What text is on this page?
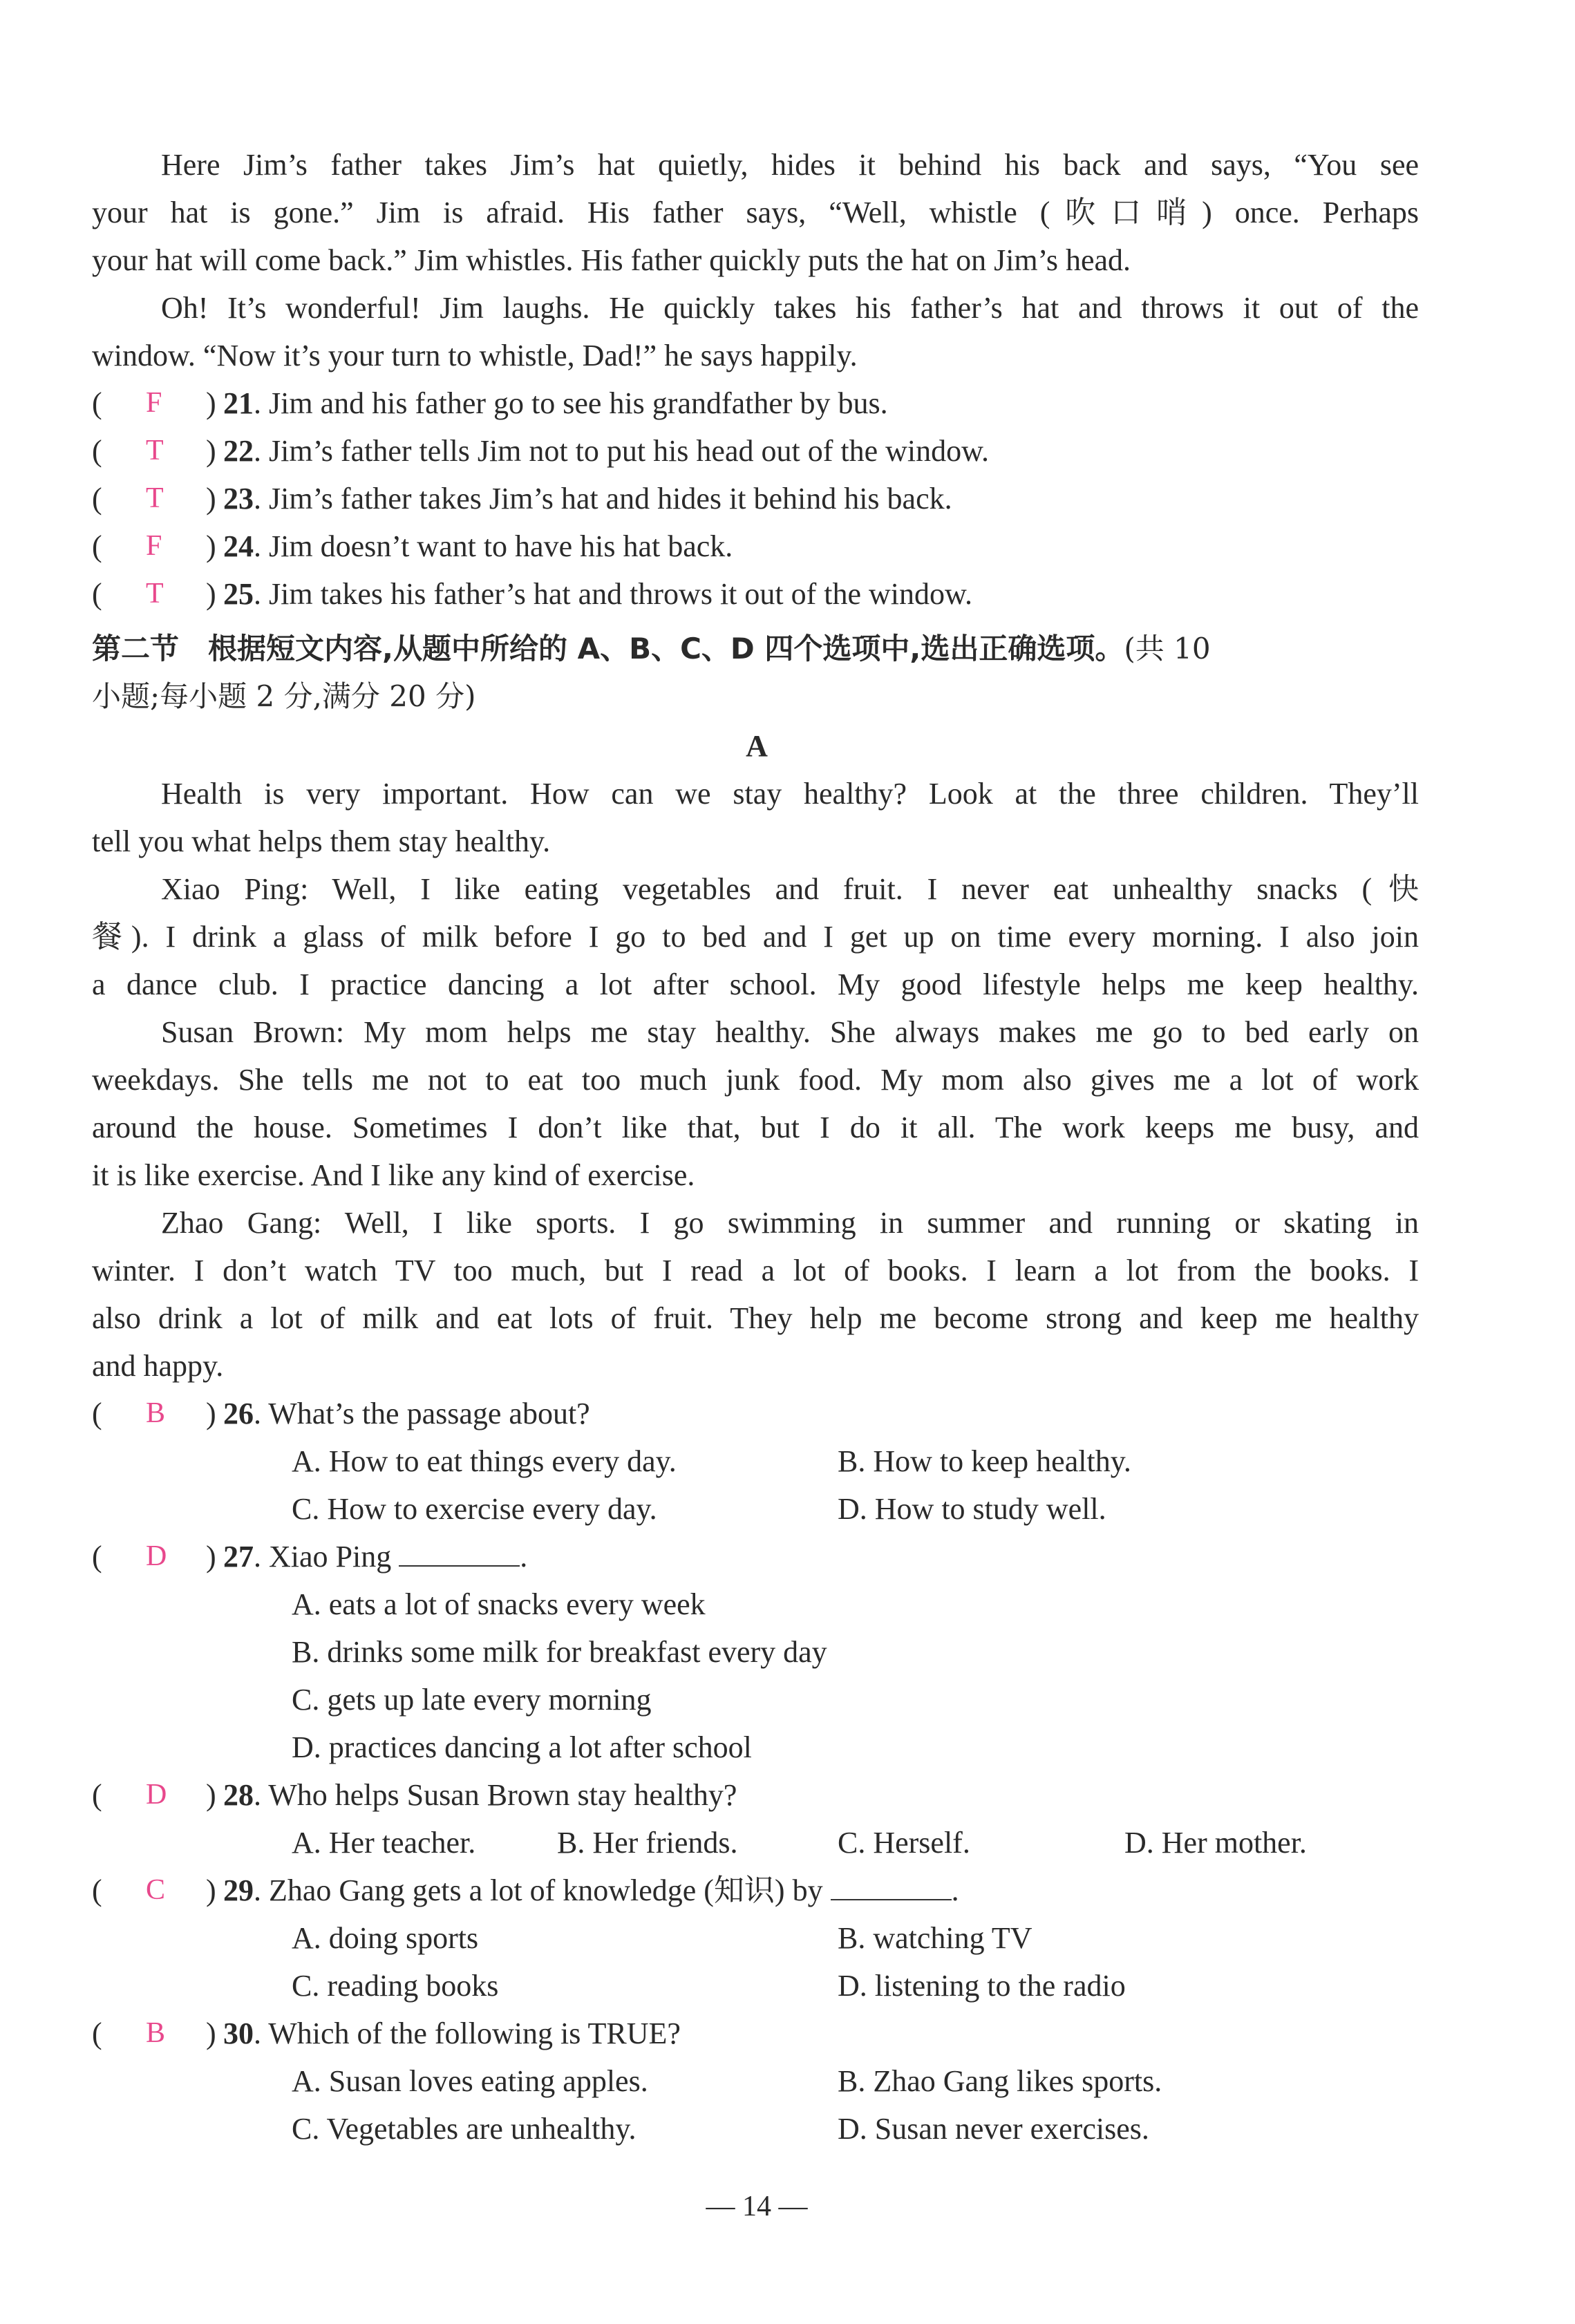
Here Jim’s father takes Jim’s hat quietly, hides it behind his back and says, “You see
your hat is gone.” Jim is afraid. His father says, “Well, whistle (吹口哨) once. Perhaps
your hat will come back.” Jim whistles. His father quickly puts the hat on Jim’s head.
Oh! It’s wonderful! Jim laughs. He quickly takes his father’s hat and throws it out of the
window. “Now it’s your turn to whistle, Dad!” he says happily.
( F ) 21. Jim and his father go to see his grandfather by bus.
( T ) 22. Jim’s father tells Jim not to put his head out of the window.
( T ) 23. Jim’s father takes Jim’s hat and hides it behind his back.
( F ) 24. Jim doesn’t want to have his hat back.
( T ) 25. Jim takes his father’s hat and throws it out of the window.
第二节　根据短文内容,从题中所给的 A、B、C、D 四个选项中,选出正确选项。(共 10
小题;每小题 2 分,满分 20 分)
A
Health is very important. How can we stay healthy? Look at the three children. They’ll
tell you what helps them stay healthy.
Xiao Ping: Well, I like eating vegetables and fruit. I never eat unhealthy snacks (快
餐). I drink a glass of milk before I go to bed and I get up on time every morning. I also join
a dance club. I practice dancing a lot after school. My good lifestyle helps me keep healthy.
Susan Brown: My mom helps me stay healthy. She always makes me go to bed early on
weekdays. She tells me not to eat too much junk food. My mom also gives me a lot of work
around the house. Sometimes I don’t like that, but I do it all. The work keeps me busy, and
it is like exercise. And I like any kind of exercise.
Zhao Gang: Well, I like sports. I go swimming in summer and running or skating in
winter. I don’t watch TV too much, but I read a lot of books. I learn a lot from the books. I
also drink a lot of milk and eat lots of fruit. They help me become strong and keep me healthy
and happy.
( B ) 26. What’s the passage about?
A. How to eat things every day.	B. How to keep healthy.
C. How to exercise every day.	D. How to study well.
( D ) 27. Xiao Ping	.
A. eats a lot of snacks every week
B. drinks some milk for breakfast every day
C. gets up late every morning
D. practices dancing a lot after school
( D ) 28. Who helps Susan Brown stay healthy?
A. Her teacher.	B. Her friends.	C. Herself.	D. Her mother.
( C ) 29. Zhao Gang gets a lot of knowledge (知识) by	.
A. doing sports	B. watching TV
C. reading books	D. listening to the radio
( B ) 30. Which of the following is TRUE?
A. Susan loves eating apples.	B. Zhao Gang likes sports.
C. Vegetables are unhealthy.	D. Susan never exercises.
— 14 —
